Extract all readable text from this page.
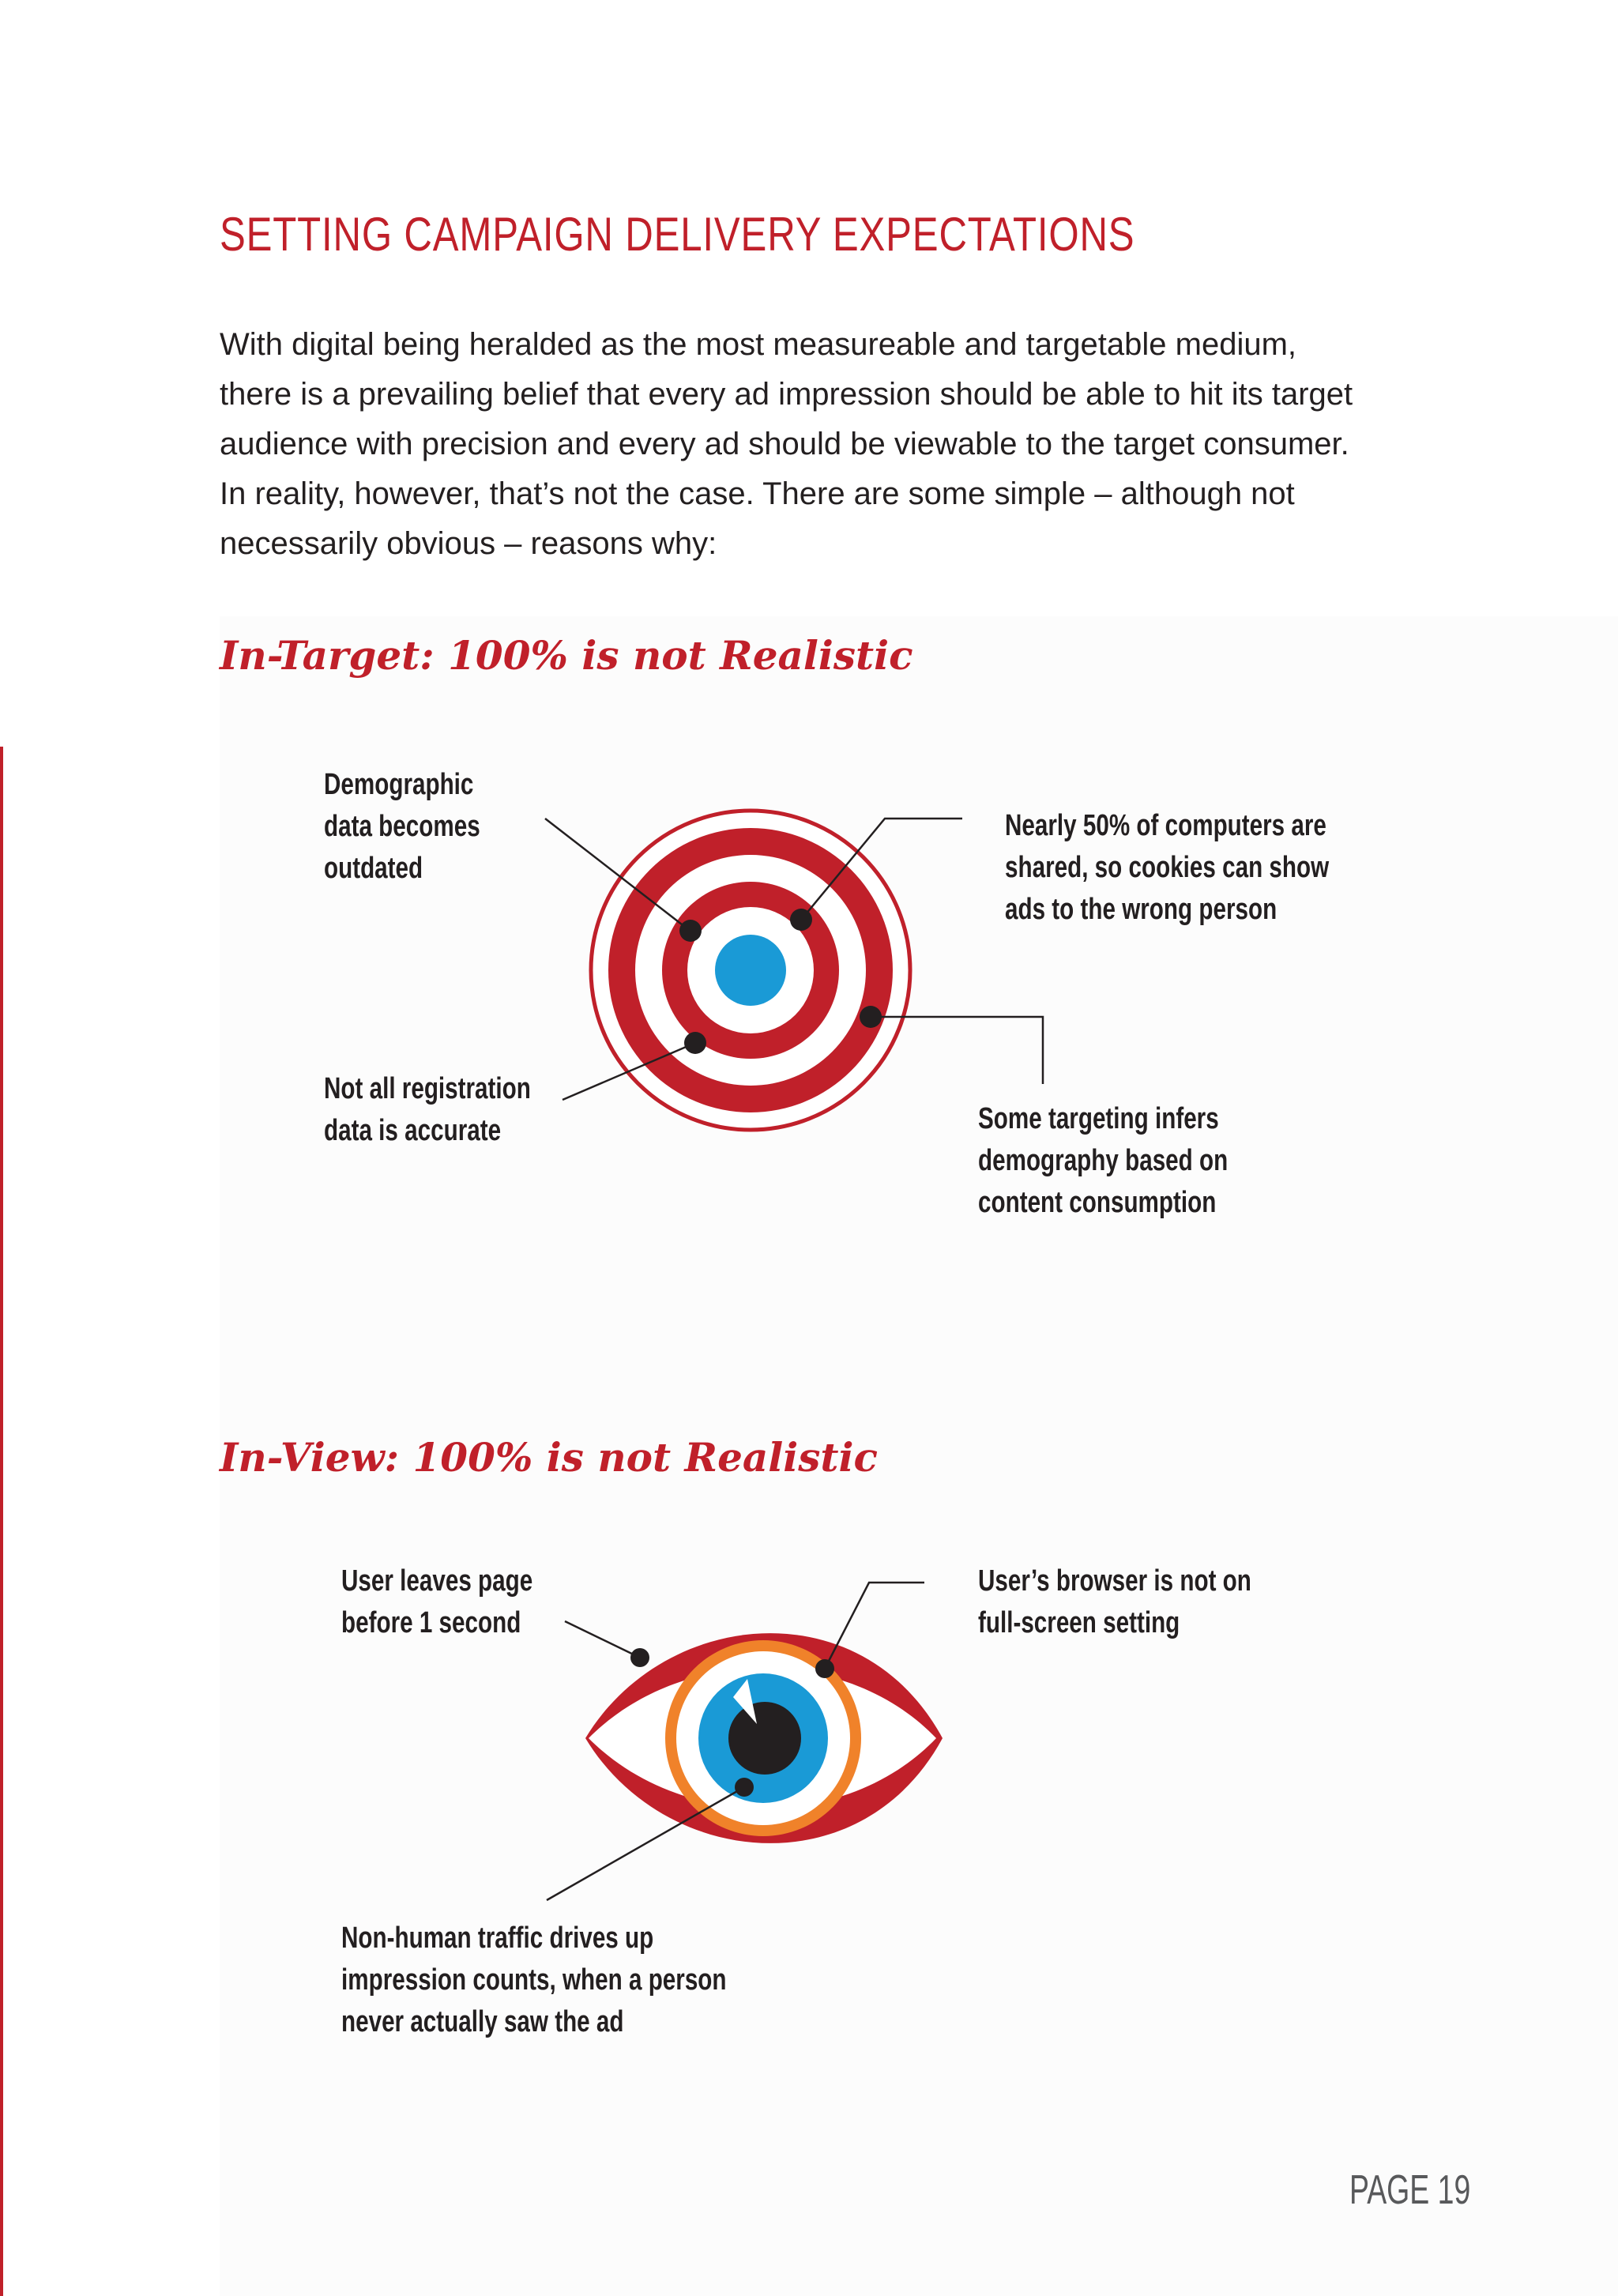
SETTING CAMPAIGN DELIVERY EXPECTATIONS

With digital being heralded as the most measureable and targetable medium,
there is a prevailing belief that every ad impression should be able to hit its target
audience with precision and every ad should be viewable to the target consumer.
In reality, however, that’s not the case. There are some simple – although not
necessarily obvious – reasons why:

In-Target: 100% is not Realistic
In-View: 100% is not Realistic
Demographic
data becomes
outdated
Nearly 50% of computers are
shared, so cookies can show
ads to the wrong person
Not all registration
data is accurate	Some targeting infers
demography based on
content consumption
User leaves page
before 1 second
User’s browser is not on
full-screen setting
Non-human traffic drives up
impression counts, when a person
never actually saw the ad

PAGE 19
